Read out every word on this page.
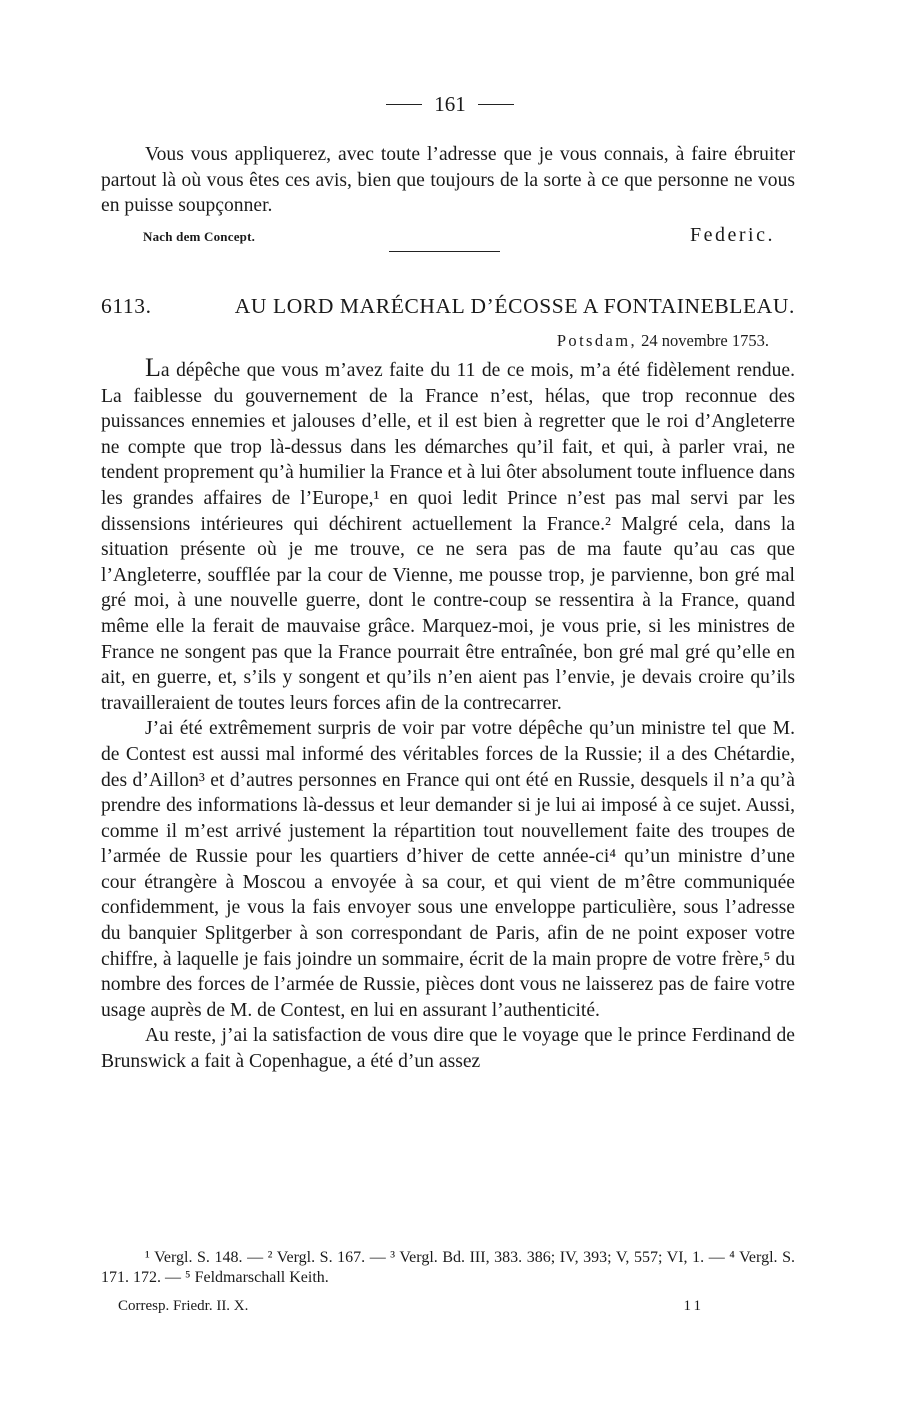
161

Vous vous appliquerez, avec toute l’adresse que je vous connais, à faire ébruiter partout là où vous êtes ces avis, bien que toujours de la sorte à ce que personne ne vous en puisse soupçonner.

Nach dem Concept.	Federic.
6113.	AU LORD MARÉCHAL D’ÉCOSSE A FONTAINEBLEAU.
Potsdam, 24 novembre 1753.

La dépêche que vous m’avez faite du 11 de ce mois, m’a été fidèlement rendue. La faiblesse du gouvernement de la France n’est, hélas, que trop reconnue des puissances ennemies et jalouses d’elle, et il est bien à regretter que le roi d’Angleterre ne compte que trop là-dessus dans les démarches qu’il fait, et qui, à parler vrai, ne tendent proprement qu’à humilier la France et à lui ôter absolument toute influence dans les grandes affaires de l’Europe,¹ en quoi ledit Prince n’est pas mal servi par les dissensions intérieures qui déchirent actuellement la France.² Malgré cela, dans la situation présente où je me trouve, ce ne sera pas de ma faute qu’au cas que l’Angleterre, soufflée par la cour de Vienne, me pousse trop, je parvienne, bon gré mal gré moi, à une nouvelle guerre, dont le contre-coup se ressentira à la France, quand même elle la ferait de mauvaise grâce. Marquez-moi, je vous prie, si les ministres de France ne songent pas que la France pourrait être entraînée, bon gré mal gré qu’elle en ait, en guerre, et, s’ils y songent et qu’ils n’en aient pas l’envie, je devais croire qu’ils travailleraient de toutes leurs forces afin de la contrecarrer.

J’ai été extrêmement surpris de voir par votre dépêche qu’un ministre tel que M. de Contest est aussi mal informé des véritables forces de la Russie; il a des Chétardie, des d’Aillon³ et d’autres personnes en France qui ont été en Russie, desquels il n’a qu’à prendre des informations là-dessus et leur demander si je lui ai imposé à ce sujet. Aussi, comme il m’est arrivé justement la répartition tout nouvellement faite des troupes de l’armée de Russie pour les quartiers d’hiver de cette année-ci⁴ qu’un ministre d’une cour étrangère à Moscou a envoyée à sa cour, et qui vient de m’être communiquée confidemment, je vous la fais envoyer sous une enveloppe particulière, sous l’adresse du banquier Splitgerber à son correspondant de Paris, afin de ne point exposer votre chiffre, à laquelle je fais joindre un sommaire, écrit de la main propre de votre frère,⁵ du nombre des forces de l’armée de Russie, pièces dont vous ne laisserez pas de faire votre usage auprès de M. de Contest, en lui en assurant l’authenticité.

Au reste, j’ai la satisfaction de vous dire que le voyage que le prince Ferdinand de Brunswick a fait à Copenhague, a été d’un assez

¹ Vergl. S. 148. — ² Vergl. S. 167. — ³ Vergl. Bd. III, 383. 386; IV, 393; V, 557; VI, 1. — ⁴ Vergl. S. 171. 172. — ⁵ Feldmarschall Keith.

Corresp. Friedr. II. X.	11
